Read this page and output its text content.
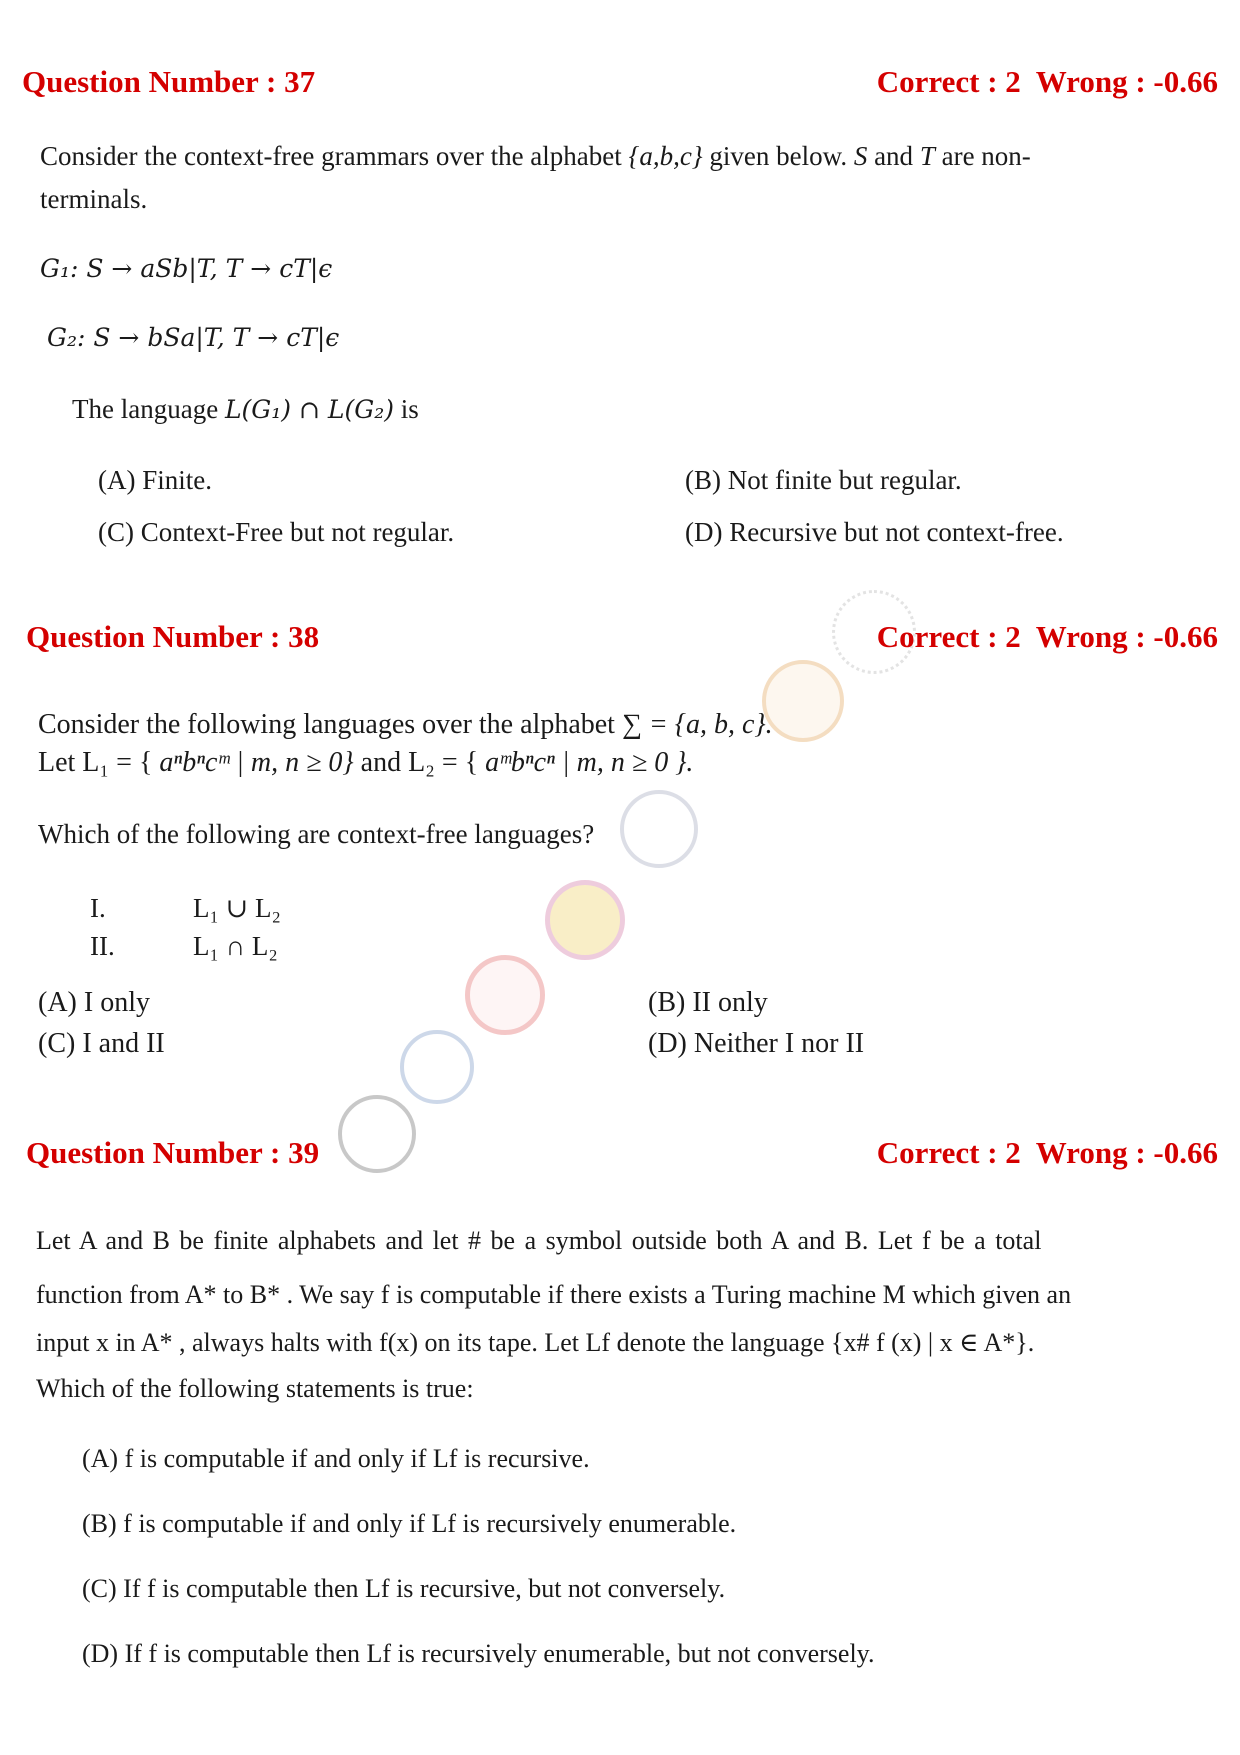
Question Number : 37	Correct : 2  Wrong : -0.66
Consider the context-free grammars over the alphabet {a,b,c} given below. S and T are non-
terminals.
G₁: S → aSb|T, T → cT|ϵ
G₂: S → bSa|T, T → cT|ϵ
The language L(G₁) ∩ L(G₂) is
(A) Finite.	(B) Not finite but regular.
(C) Context-Free but not regular.	(D) Recursive but not context-free.
Question Number : 38	Correct : 2  Wrong : -0.66
Consider the following languages over the alphabet ∑ = {a, b, c}.
Let L₁ = { aⁿbⁿcᵐ | m, n ≥ 0} and L₂ = { aᵐbⁿcⁿ | m, n ≥ 0 }.
Which of the following are context-free languages?
I.	L₁ ∪ L₂
II.	L₁ ∩ L₂
(A) I only	(B) II only
(C) I and II	(D) Neither I nor II
Question Number : 39	Correct : 2  Wrong : -0.66
Let A and B be finite alphabets and let # be a symbol outside both A and B. Let f be a total
function from A* to B* . We say f is computable if there exists a Turing machine M which given an
input x in A* , always halts with f(x) on its tape. Let Lf denote the language {x# f (x) | x ∈ A*}.
Which of the following statements is true:
(A) f is computable if and only if Lf is recursive.
(B) f is computable if and only if Lf is recursively enumerable.
(C) If f is computable then Lf is recursive, but not conversely.
(D) If f is computable then Lf is recursively enumerable, but not conversely.
